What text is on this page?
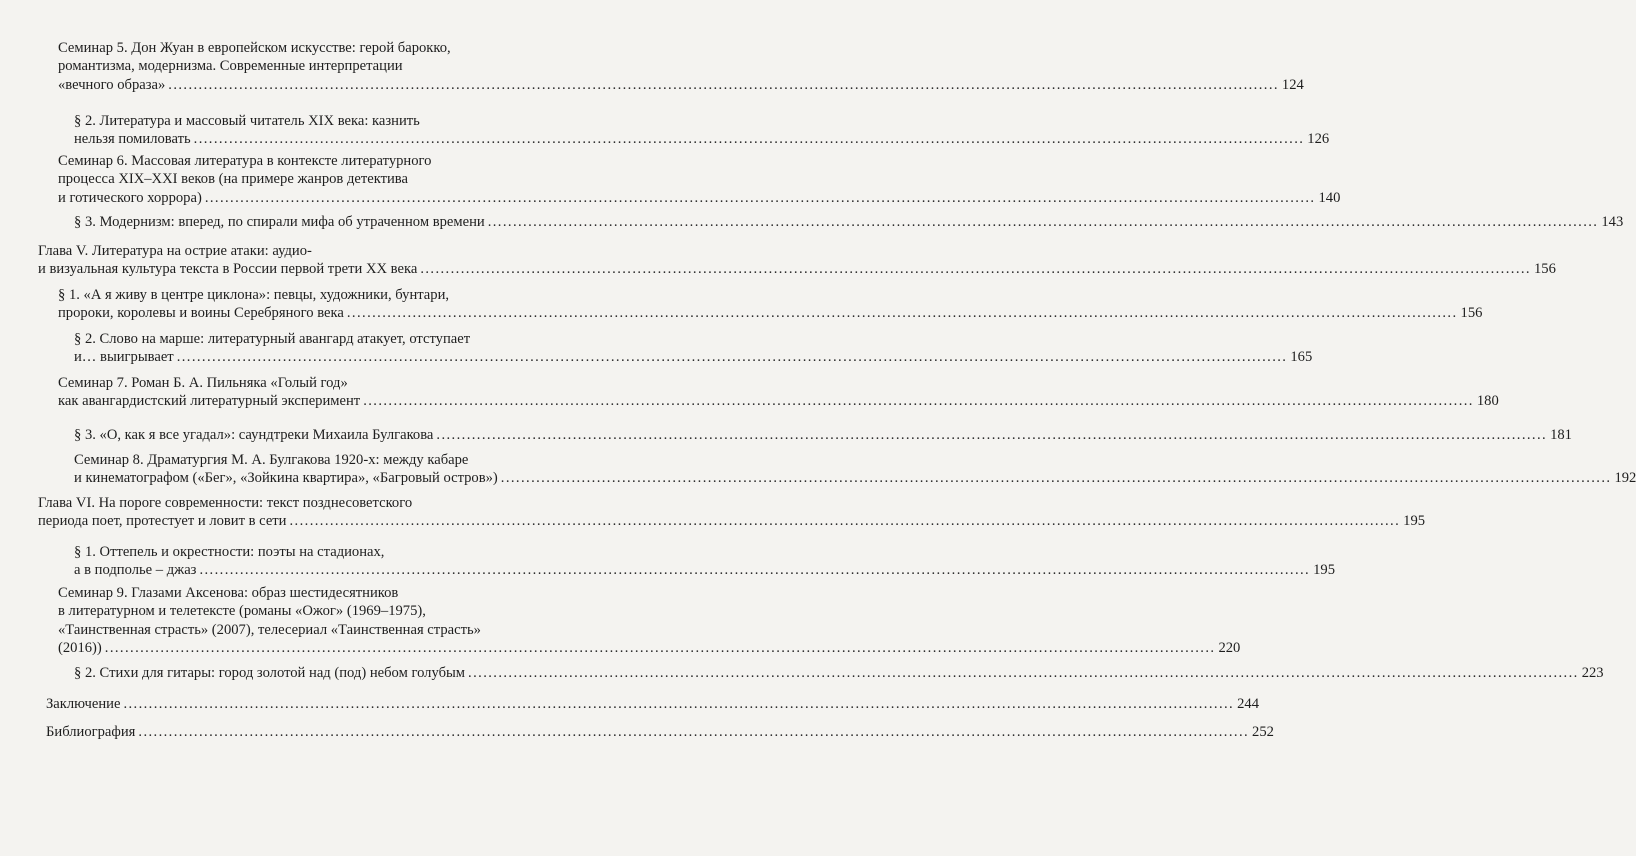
Семинар 5. Дон Жуан в европейском искусстве: герой барокко,
романтизма, модернизма. Современные интерпретации
«вечного образа» ............................................................................................................................................................................................................................ 124
§ 2. Литература и массовый читатель XIX века: казнить
нельзя помиловать ............................................................................................................................................................................................................................ 126
Семинар 6. Массовая литература в контексте литературного
процесса XIX–XXI веков (на примере жанров детектива
и готического хоррора) ............................................................................................................................................................................................................................ 140
§ 3. Модернизм: вперед, по спирали мифа об утраченном времени ............................................................................................................................................................................................................................ 143
Глава V. Литература на острие атаки: аудио-
и визуальная культура текста в России первой трети XX века ............................................................................................................................................................................................................................ 156
§ 1. «А я живу в центре циклона»: певцы, художники, бунтари,
пророки, королевы и воины Серебряного века ............................................................................................................................................................................................................................ 156
§ 2. Слово на марше: литературный авангард атакует, отступает
и… выигрывает ............................................................................................................................................................................................................................ 165
Семинар 7. Роман Б. А. Пильняка «Голый год»
как авангардистский литературный эксперимент ............................................................................................................................................................................................................................ 180
§ 3. «О, как я все угадал»: саундтреки Михаила Булгакова ............................................................................................................................................................................................................................ 181
Семинар 8. Драматургия М. А. Булгакова 1920-х: между кабаре
и кинематографом («Бег», «Зойкина квартира», «Багровый остров») ............................................................................................................................................................................................................................ 192
Глава VI. На пороге современности: текст позднесоветского
периода поет, протестует и ловит в сети ............................................................................................................................................................................................................................ 195
§ 1. Оттепель и окрестности: поэты на стадионах,
а в подполье – джаз ............................................................................................................................................................................................................................ 195
Семинар 9. Глазами Аксенова: образ шестидесятников
в литературном и телетексте (романы «Ожог» (1969–1975),
«Таинственная страсть» (2007), телесериал «Таинственная страсть»
(2016)) ............................................................................................................................................................................................................................ 220
§ 2. Стихи для гитары: город золотой над (под) небом голубым ............................................................................................................................................................................................................................ 223
Заключение ............................................................................................................................................................................................................................ 244
Библиография ............................................................................................................................................................................................................................ 252
